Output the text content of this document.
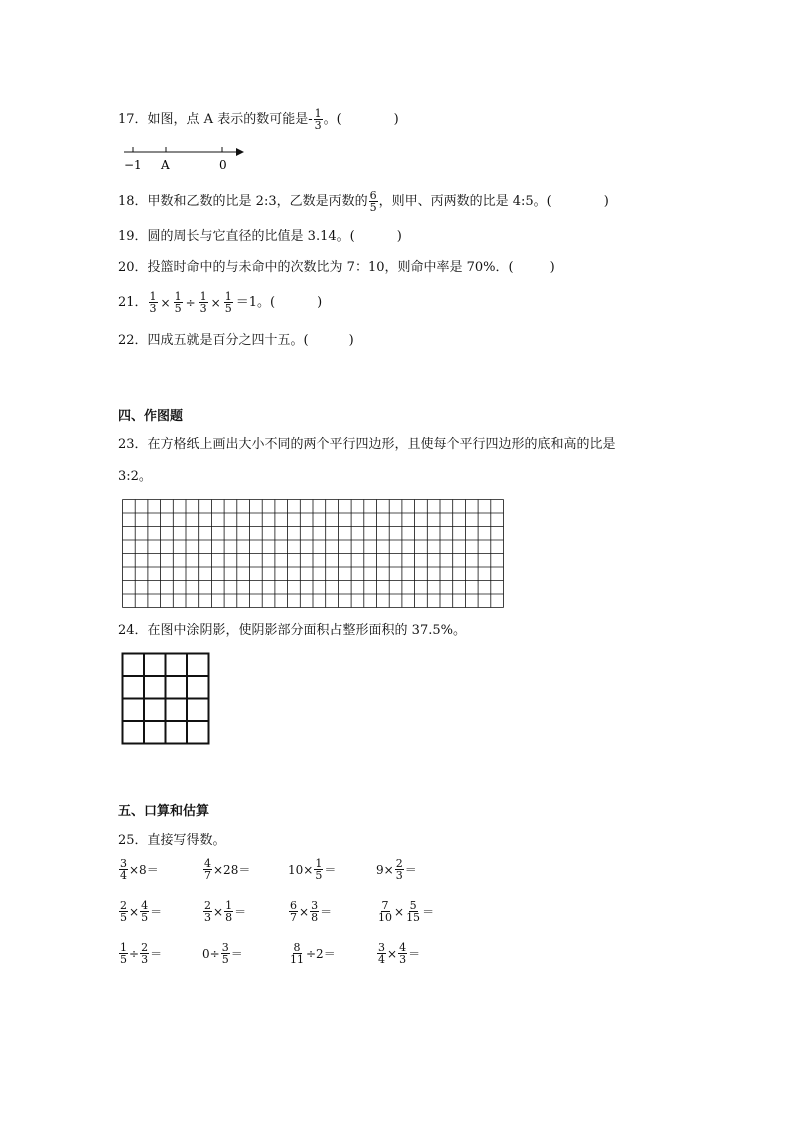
17． 如图，点 A 表示的数可能是- $\frac{1}{3}$ 。(	)
−1 A	0
18．甲数和乙数的比是 2:3，乙数是丙数的 $\frac{6}{5}$ ，则甲、丙两数的比是 4:5。(	)
19．圆的周长与它直径的比值是 3.14。(	)
20．投篮时命中的与未命中的次数比为 7：10，则命中率是 70%．(	)
21． $\frac{1}{3} \times \frac{1}{5} \div \frac{1}{3} \times \frac{1}{5} =1$。(	)
22．四成五就是百分之四十五。(	)
四、作图题
23．在方格纸上画出大小不同的两个平行四边形，且使每个平行四边形的底和高的比是
3:2。
24．在图中涂阴影，使阴影部分面积占整形面积的 37.5%。
五、口算和估算
25．直接写得数。
$\frac{3}{4} \times 8=$	$\frac{4}{7} \times 28=$	$10\times \frac{1}{5}$ ＝	$9\times \frac{2}{3}$ ＝
$\frac{2}{5} \times \frac{4}{5}$ ＝	$\frac{2}{3} \times \frac{1}{8}$ ＝	$\frac{6}{7} \times \frac{3}{8}$ ＝	$\frac{7}{10} \times \frac{5}{15}$ ＝
$\frac{1}{5} \div \frac{2}{3}$ ＝	$0\div \frac{3}{5}$ ＝	$\frac{8}{11} \div 2=$	$\frac{3}{4} \times \frac{4}{3}$ ＝
